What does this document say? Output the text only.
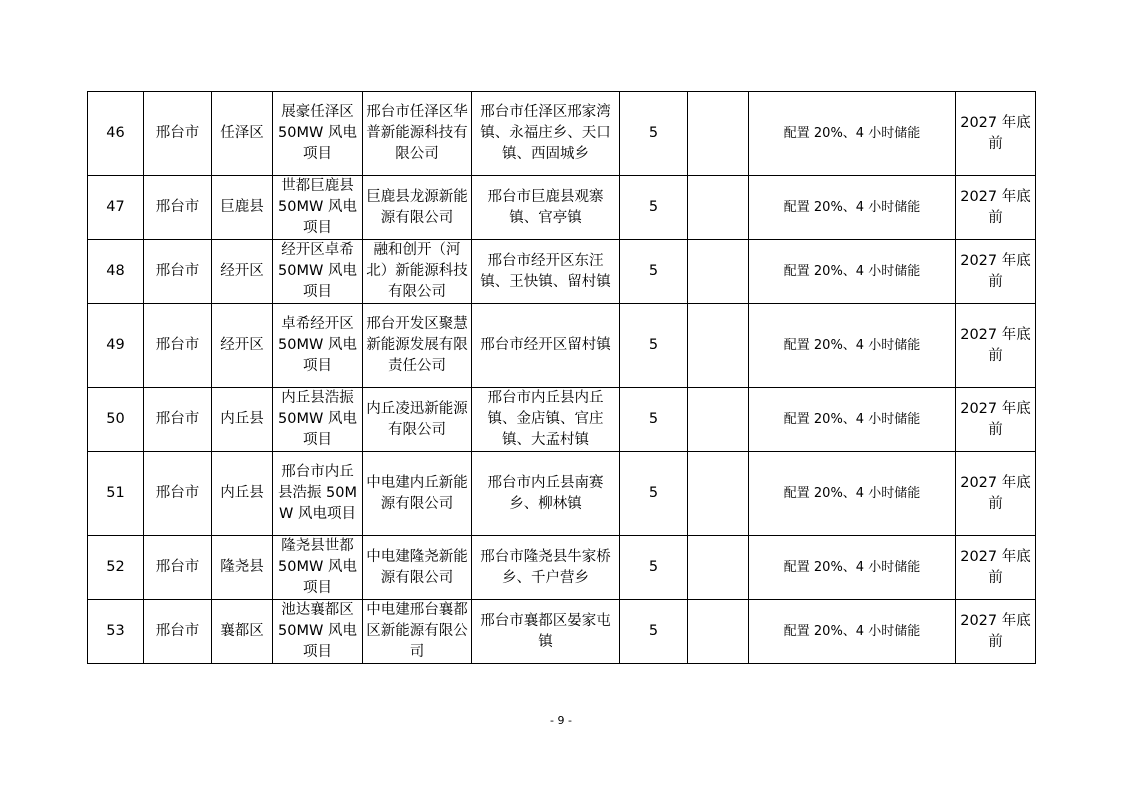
46	邢台市	任泽区	展豪任泽区 50MW 风电项目	邢台市任泽区华普新能源科技有限公司	邢台市任泽区邢家湾镇、永福庄乡、天口镇、西固城乡	5		配置 20%、4 小时储能	2027 年底前
47	邢台市	巨鹿县	世都巨鹿县 50MW 风电项目	巨鹿县龙源新能源有限公司	邢台市巨鹿县观寨镇、官亭镇	5		配置 20%、4 小时储能	2027 年底前
48	邢台市	经开区	经开区卓希 50MW 风电项目	融和创开（河北）新能源科技有限公司	邢台市经开区东汪镇、王快镇、留村镇	5		配置 20%、4 小时储能	2027 年底前
49	邢台市	经开区	卓希经开区 50MW 风电项目	邢台开发区聚慧新能源发展有限责任公司	邢台市经开区留村镇	5		配置 20%、4 小时储能	2027 年底前
50	邢台市	内丘县	内丘县浩振 50MW 风电项目	内丘凌迅新能源有限公司	邢台市内丘县内丘镇、金店镇、官庄镇、大孟村镇	5		配置 20%、4 小时储能	2027 年底前
51	邢台市	内丘县	邢台市内丘县浩振 50MW 风电项目	中电建内丘新能源有限公司	邢台市内丘县南赛乡、柳林镇	5		配置 20%、4 小时储能	2027 年底前
52	邢台市	隆尧县	隆尧县世都 50MW 风电项目	中电建隆尧新能源有限公司	邢台市隆尧县牛家桥乡、千户营乡	5		配置 20%、4 小时储能	2027 年底前
53	邢台市	襄都区	池达襄都区 50MW 风电项目	中电建邢台襄都区新能源有限公司	邢台市襄都区晏家屯镇	5		配置 20%、4 小时储能	2027 年底前
- 9 -
